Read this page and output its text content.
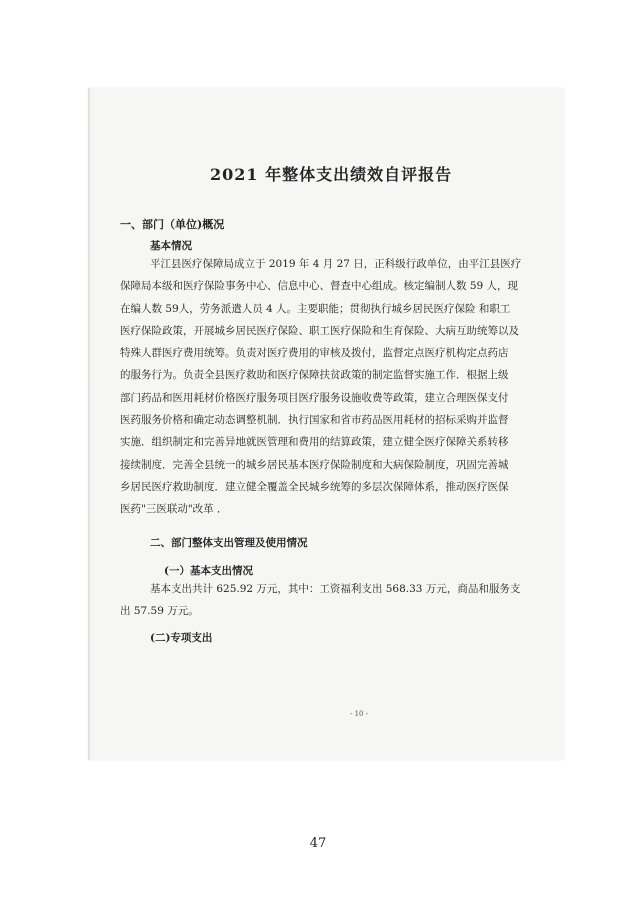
2021 年整体支出绩效自评报告
一、部门（单位)概况
基本情况
平江县医疗保障局成立于 2019 年 4 月 27 日，正科级行政单位，由平江县医疗
保障局本级和医疗保险事务中心、信息中心、督查中心组成。核定编制人数 59 人，现
在编人数 59人，劳务派遣人员 4 人。主要职能；贯彻执行城乡居民医疗保险 和职工
医疗保险政策，开展城乡居民医疗保险、职工医疗保险和生育保险、大病互助统筹以及
特殊人群医疗费用统筹。负责对医疗费用的审核及拨付，监督定点医疗机构定点药店
的服务行为。负责全县医疗救助和医疗保障扶贫政策的制定监督实施工作．根据上级
部门药品和医用耗材价格医疗服务项目医疗服务设施收费等政策，建立合理医保支付
医药服务价格和确定动态调整机制．执行国家和省市药品医用耗材的招标采购并监督
实施．组织制定和完善异地就医管理和费用的结算政策，建立健全医疗保障关系转移
接续制度．完善全县统一的城乡居民基本医疗保险制度和大病保险制度，巩固完善城
乡居民医疗救助制度．建立健全覆盖全民城乡统筹的多层次保障体系，推动医疗医保
医药"三医联动"改革 ．
二、部门整体支出管理及使用情况
(一）基本支出情况
基本支出共计 625.92 万元，其中：工资福利支出 568.33 万元，商品和服务支
出 57.59 万元。
(二)专项支出
- 10 -
47
